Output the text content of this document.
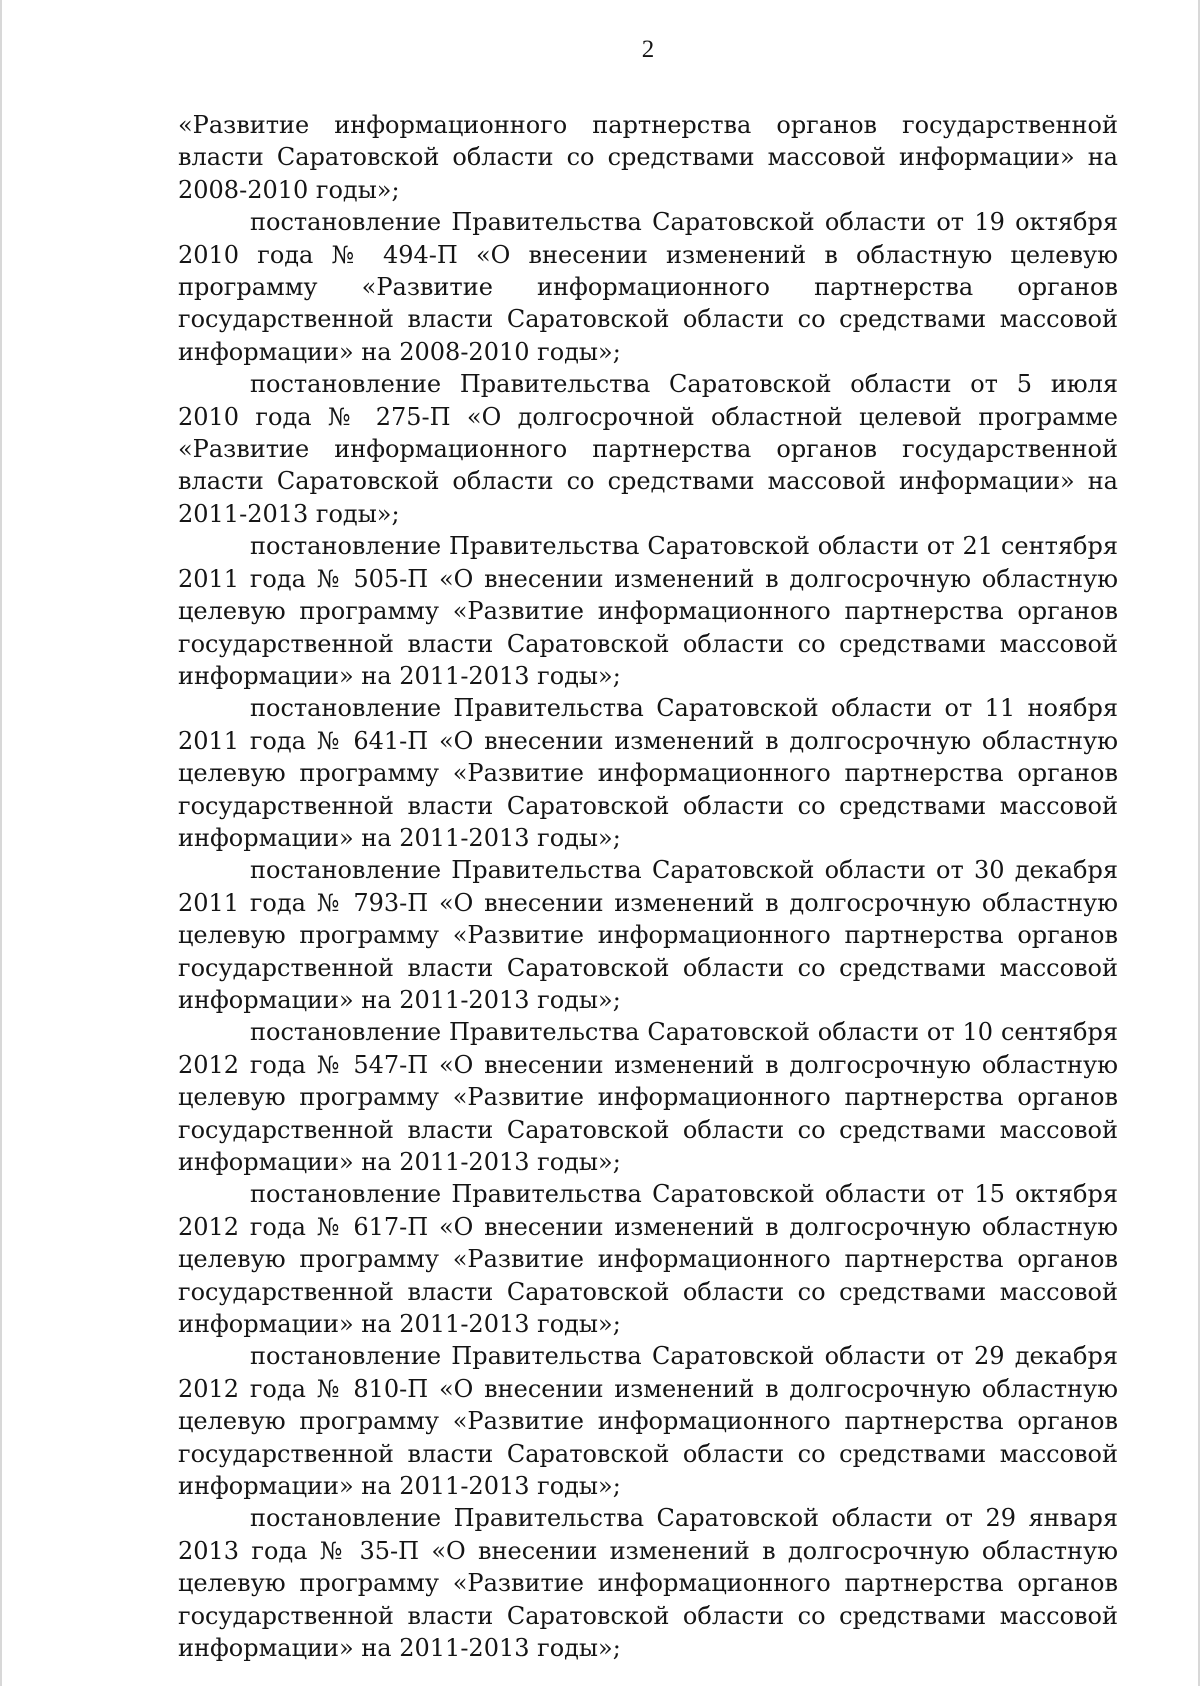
2

«Развитие информационного партнерства органов государственной власти Саратовской области со средствами массовой информации» на 2008-2010 годы»;

постановление Правительства Саратовской области от 19 октября 2010 года № 494-П «О внесении изменений в областную целевую программу «Развитие информационного партнерства органов государственной власти Саратовской области со средствами массовой информации» на 2008-2010 годы»;

постановление Правительства Саратовской области от 5 июля 2010 года № 275-П «О долгосрочной областной целевой программе «Развитие информационного партнерства органов государственной власти Саратовской области со средствами массовой информации» на 2011-2013 годы»;

постановление Правительства Саратовской области от 21 сентября 2011 года № 505-П «О внесении изменений в долгосрочную областную целевую программу «Развитие информационного партнерства органов государственной власти Саратовской области со средствами массовой информации» на 2011-2013 годы»;

постановление Правительства Саратовской области от 11 ноября 2011 года № 641-П «О внесении изменений в долгосрочную областную целевую программу «Развитие информационного партнерства органов государственной власти Саратовской области со средствами массовой информации» на 2011-2013 годы»;

постановление Правительства Саратовской области от 30 декабря 2011 года № 793-П «О внесении изменений в долгосрочную областную целевую программу «Развитие информационного партнерства органов государственной власти Саратовской области со средствами массовой информации» на 2011-2013 годы»;

постановление Правительства Саратовской области от 10 сентября 2012 года № 547-П «О внесении изменений в долгосрочную областную целевую программу «Развитие информационного партнерства органов государственной власти Саратовской области со средствами массовой информации» на 2011-2013 годы»;

постановление Правительства Саратовской области от 15 октября 2012 года № 617-П «О внесении изменений в долгосрочную областную целевую программу «Развитие информационного партнерства органов государственной власти Саратовской области со средствами массовой информации» на 2011-2013 годы»;

постановление Правительства Саратовской области от 29 декабря 2012 года № 810-П «О внесении изменений в долгосрочную областную целевую программу «Развитие информационного партнерства органов государственной власти Саратовской области со средствами массовой информации» на 2011-2013 годы»;

постановление Правительства Саратовской области от 29 января 2013 года № 35-П «О внесении изменений в долгосрочную областную целевую программу «Развитие информационного партнерства органов государственной власти Саратовской области со средствами массовой информации» на 2011-2013 годы»;
